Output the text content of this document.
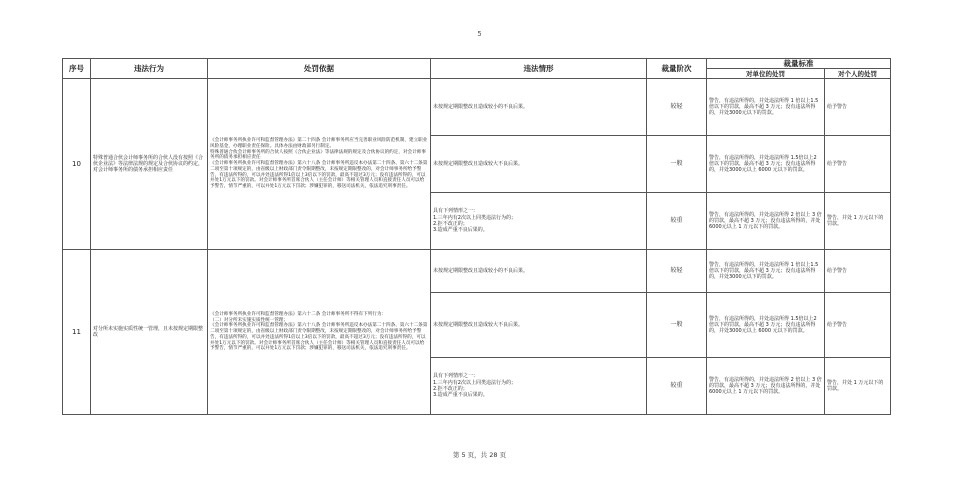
5
序号	违法行为	处罚依据	违法情形	裁量阶次	裁量标准	
					对单位的处罚	对个人的处罚
10	特殊普通合伙会计师事务所的合伙人没有按照《合伙企业法》等法律法规的规定及合伙协议的约定，对会计师事务所的债务承担相应责任	《会计师事务所执业许可和监督管理办法》第二十四条 会计师事务所应当完善职业风险防范机制，建立职业风险基金，办理职业责任保险。具体办法由财政部另行制定。
特殊普通合伙会计师事务所的合伙人按照《合伙企业法》等法律法规的规定及合伙协议的约定，对会计师事务所的债务承担相应责任
《会计师事务所执业许可和监督管理办法》第六十八条 会计师事务所违反本办法第二十四条、第六十二条第二项至第十项规定的，由省级以上财政部门责令限期整改，未按规定期限整改的，对会计师事务所给予警告，有违法所得的，可以并处违法所得1倍以上3倍以下的罚款，最高不超过3万元；没有违法所得的，可以并处1万元以下的罚款。对会计师事务所首席合伙人（主任会计师）等相关管理人员和直接责任人员可以给予警告，情节严重的，可以并处1万元以下罚款；涉嫌犯罪的，移送司法机关，依法追究刑事责任。	未按规定期限整改且造成较小的不良后果。	较轻	警告，有违法所得的，并处违法所得 1 倍以上1.5 倍以下的罚款，最高不超 3 万元；没有违法所得的，并处3000元以下的罚款。	给予警告
			未按规定期限整改且造成较大不良后果。	一般	警告，有违法所得的，并处违法所得 1.5倍以上2 倍以下的罚款，最高不超 3 万元；没有违法所得的，并处3000元以上 6000 元以下的罚款。	给予警告
			具有下列情形之一：
1.三年内有2次以上同类违法行为的；
2.拒不改正的；
3.造成严重不良后果的。	较重	警告，有违法所得的，并处违法所得 2 倍以上 3 倍的罚款，最高不超 3 万元；没有违法所得的，并处 6000元以上 1 万元以下的罚款。	警告，并处 1 万元以下的罚款。
11	对分所未实施实质性统一管理，且未按规定期限整改	《会计师事务所执业许可和监督管理办法》第六十二条 会计师事务所不得有下列行为：
（二）对分所未实施实质性统一管理；
《会计师事务所执业许可和监督管理办法》第六十八条 会计师事务所违反本办法第二十四条、第六十二条第二项至第十项规定的，由省级以上财政部门责令限期整改，未按规定期限整改的，对会计师事务所给予警告，有违法所得的，可以并处违法所得1倍以上3倍以下的罚款，最高不超过3万元；没有违法所得的，可以并处1万元以下的罚款。对会计师事务所首席合伙人（主任会计师）等相关管理人员和直接责任人员可以给予警告，情节严重的，可以并处1万元以下罚款；涉嫌犯罪的，移送司法机关，依法追究刑事责任。	未按规定期限整改且造成较小的不良后果。	较轻	警告，有违法所得的，并处违法所得 1 倍以上1.5 倍以下的罚款，最高不超 3 万元；没有违法所得的，并处3000元以下的罚款。	给予警告
			未按规定期限整改且造成较大不良后果。	一般	警告，有违法所得的，并处违法所得 1.5倍以上2 倍以下的罚款，最高不超 3 万元；没有违法所得的，并处3000元以上 6000 元以下的罚款。	给予警告
			具有下列情形之一：
1.三年内有2次以上同类违法行为的；
2.拒不改正的；
3.造成严重不良后果的。	较重	警告，有违法所得的，并处违法所得 2 倍以上 3 倍的罚款，最高不超 3 万元；没有违法所得的，并处 6000元以上 1 万元以下的罚款。	警告，并处 1 万元以下的罚款。
第 5 页，共 28 页
